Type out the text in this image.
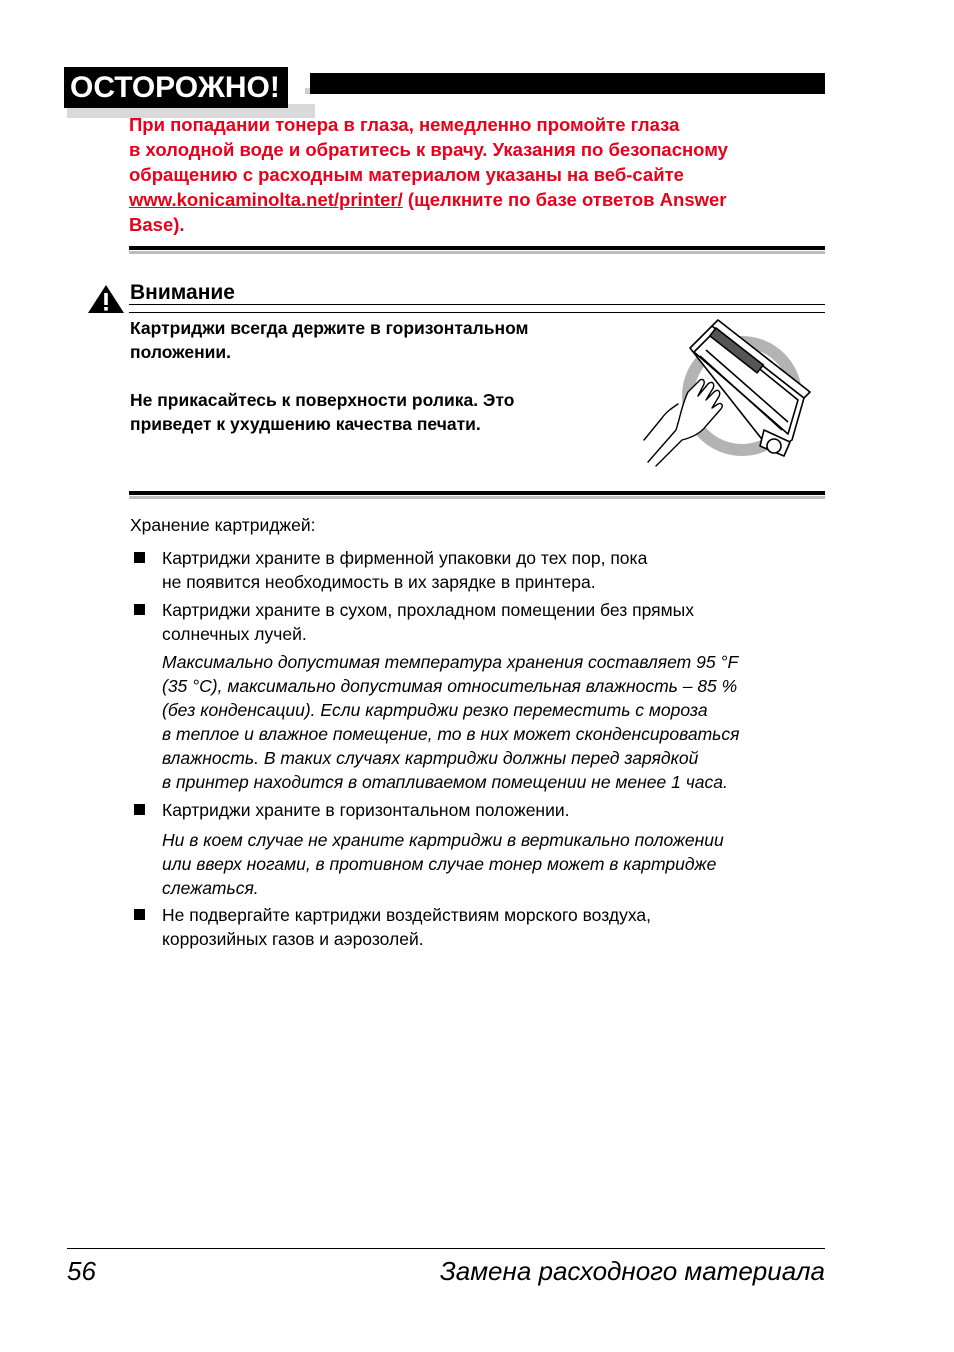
ОСТОРОЖНО!
При попадании тонера в глаза, немедленно промойте глаза
в холодной воде и обратитесь к врачу. Указания по безопасному
обращению с расходным материалом указаны на веб-сайте
www.konicaminolta.net/printer/ (щелкните по базе ответов Answer
Base).
Внимание
Картриджи всегда держите в горизонтальном
положении.
Не прикасайтесь к поверхности ролика. Это
приведет к ухудшению качества печати.
Хранение картриджей:
Картриджи храните в фирменной упаковки до тех пор, пока
не появится необходимость в их зарядке в принтера.
Картриджи храните в сухом, прохладном помещении без прямых
солнечных лучей.
Максимально допустимая температура хранения составляет 95 °F
(35 °C), максимально допустимая относительная влажность – 85 %
(без конденсации). Если картриджи резко переместить с мороза
в теплое и влажное помещение, то в них может сконденсироваться
влажность. В таких случаях картриджи должны перед зарядкой
в принтер находится в отапливаемом помещении не менее 1 часа.
Картриджи храните в горизонтальном положении.
Ни в коем случае не храните картриджи в вертикально положении
или вверх ногами, в противном случае тонер может в картридже
слежаться.
Не подвергайте картриджи воздействиям морского воздуха,
коррозийных газов и аэрозолей.
56	Замена расходного материала
